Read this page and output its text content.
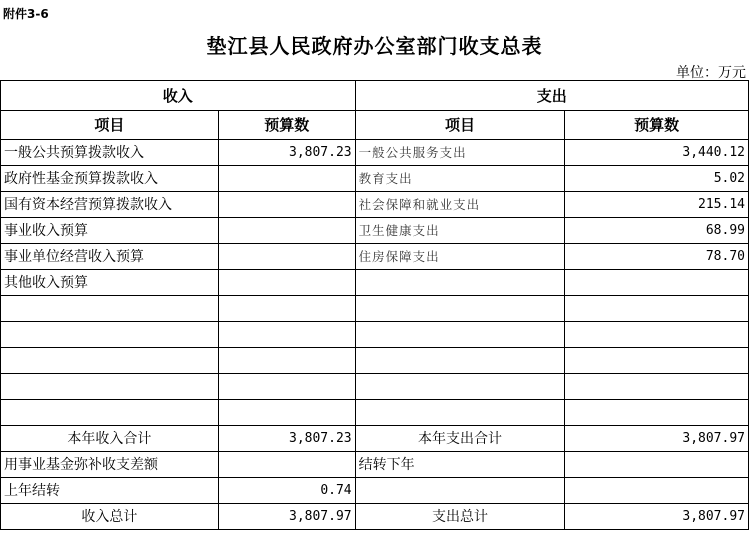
附件3-6
垫江县人民政府办公室部门收支总表
单位：万元
收入		支出	
项目	预算数	项目	预算数
一般公共预算拨款收入	3,807.23	一般公共服务支出	3,440.12
政府性基金预算拨款收入		教育支出	5.02
国有资本经营预算拨款收入		社会保障和就业支出	215.14
事业收入预算		卫生健康支出	68.99
事业单位经营收入预算		住房保障支出	78.70
其他收入预算			

本年收入合计	3,807.23	本年支出合计	3,807.97
用事业基金弥补收支差额		结转下年	
上年结转	0.74		
收入总计	3,807.97	支出总计	3,807.97
